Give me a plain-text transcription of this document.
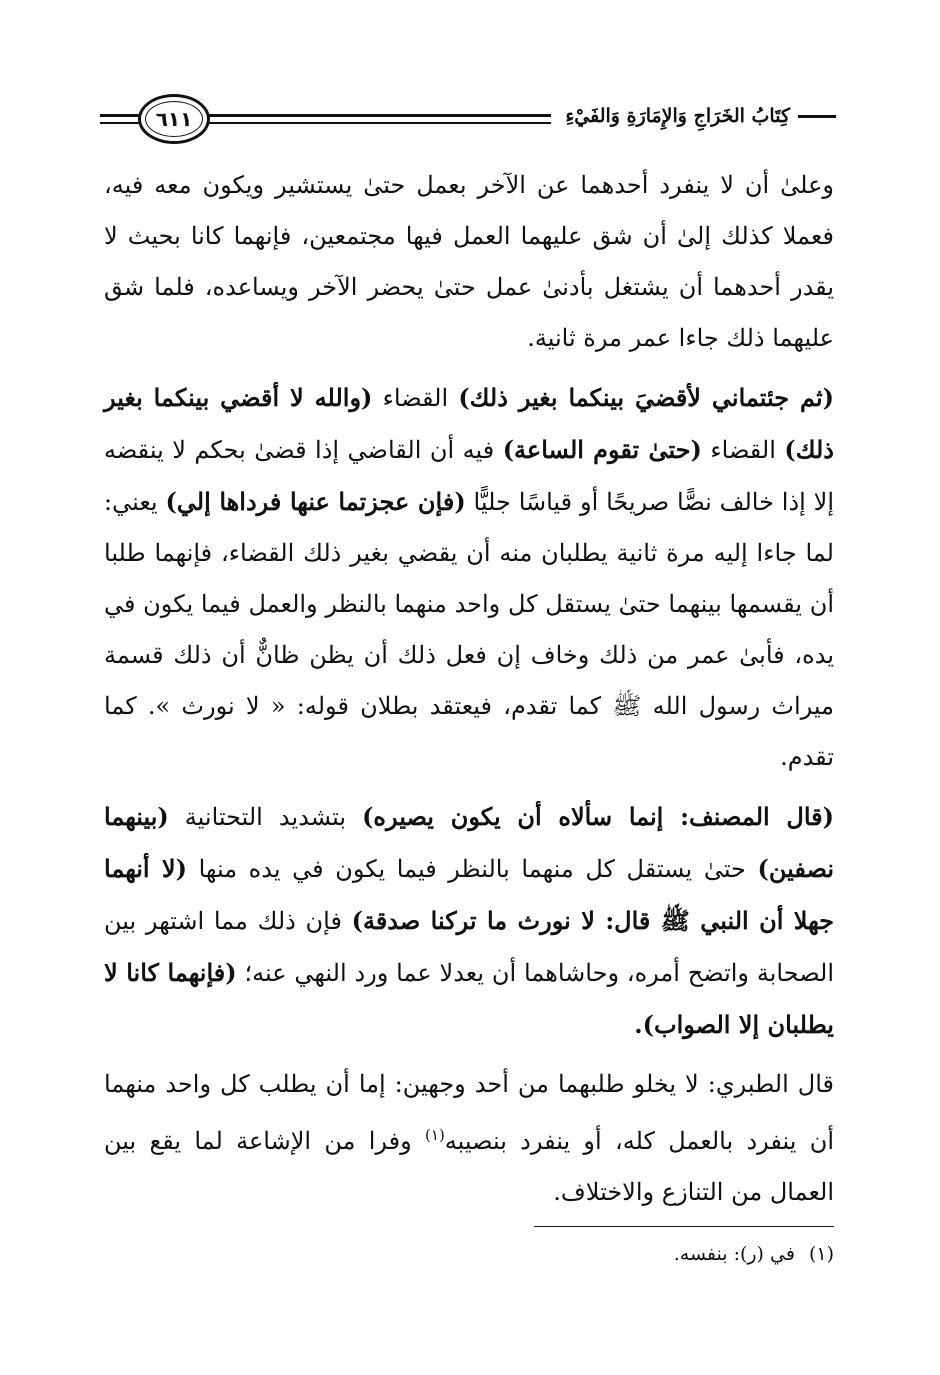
كِتَابُ الخَرَاجِ وَالإِمَارَةِ وَالفَيْءِ
٦١١

وعلىٰ أن لا ينفرد أحدهما عن الآخر بعمل حتىٰ يستشير ويكون معه فيه، فعملا كذلك إلىٰ أن شق عليهما العمل فيها مجتمعين، فإنهما كانا بحيث لا يقدر أحدهما أن يشتغل بأدنىٰ عمل حتىٰ يحضر الآخر ويساعده، فلما شق عليهما ذلك جاءا عمر مرة ثانية.

(ثم جئتماني لأقضيَ بينكما بغير ذلك) القضاء (والله لا أقضي بينكما بغير ذلك) القضاء (حتىٰ تقوم الساعة) فيه أن القاضي إذا قضىٰ بحكم لا ينقضه إلا إذا خالف نصًّا صريحًا أو قياسًا جليًّا (فإن عجزتما عنها فرداها إلي) يعني: لما جاءا إليه مرة ثانية يطلبان منه أن يقضي بغير ذلك القضاء، فإنهما طلبا أن يقسمها بينهما حتىٰ يستقل كل واحد منهما بالنظر والعمل فيما يكون في يده، فأبىٰ عمر من ذلك وخاف إن فعل ذلك أن يظن ظانٌّ أن ذلك قسمة ميراث رسول الله ﷺ كما تقدم، فيعتقد بطلان قوله: « لا نورث ». كما تقدم.

(قال المصنف: إنما سألاه أن يكون يصيره) بتشديد التحتانية (بينهما نصفين) حتىٰ يستقل كل منهما بالنظر فيما يكون في يده منها (لا أنهما جهلا أن النبي ﷺ قال: لا نورث ما تركنا صدقة) فإن ذلك مما اشتهر بين الصحابة واتضح أمره، وحاشاهما أن يعدلا عما ورد النهي عنه؛ (فإنهما كانا لا يطلبان إلا الصواب).

قال الطبري: لا يخلو طلبهما من أحد وجهين: إما أن يطلب كل واحد منهما أن ينفرد بالعمل كله، أو ينفرد بنصيبه$^{(١)}$ وفرا من الإشاعة لما يقع بين العمال من التنازع والاختلاف.

(١)في (ر): بنفسه.
